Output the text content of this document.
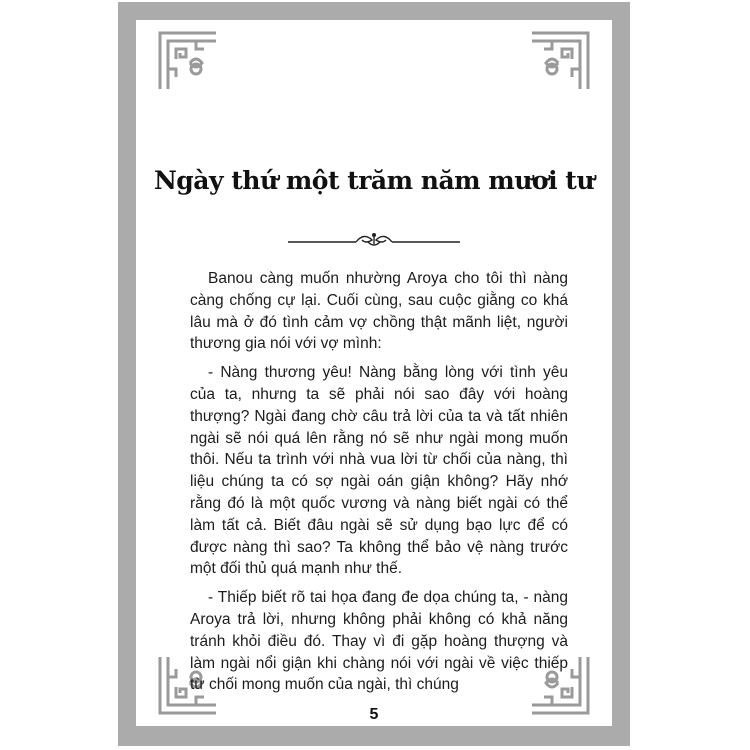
Ngày thứ một trăm năm mươi tư

Banou càng muốn nhường Aroya cho tôi thì nàng càng chống cự lại. Cuối cùng, sau cuộc giằng co khá lâu mà ở đó tình cảm vợ chồng thật mãnh liệt, người thương gia nói với vợ mình:

- Nàng thương yêu! Nàng bằng lòng với tình yêu của ta, nhưng ta sẽ phải nói sao đây với hoàng thượng? Ngài đang chờ câu trả lời của ta và tất nhiên ngài sẽ nói quá lên rằng nó sẽ như ngài mong muốn thôi. Nếu ta trình với nhà vua lời từ chối của nàng, thì liệu chúng ta có sợ ngài oán giận không? Hãy nhớ rằng đó là một quốc vương và nàng biết ngài có thể làm tất cả. Biết đâu ngài sẽ sử dụng bạo lực để có được nàng thì sao? Ta không thể bảo vệ nàng trước một đối thủ quá mạnh như thế.

- Thiếp biết rõ tai họa đang đe dọa chúng ta, - nàng Aroya trả lời, nhưng không phải không có khả năng tránh khỏi điều đó. Thay vì đi gặp hoàng thượng và làm ngài nổi giận khi chàng nói với ngài về việc thiếp từ chối mong muốn của ngài, thì chúng

5
